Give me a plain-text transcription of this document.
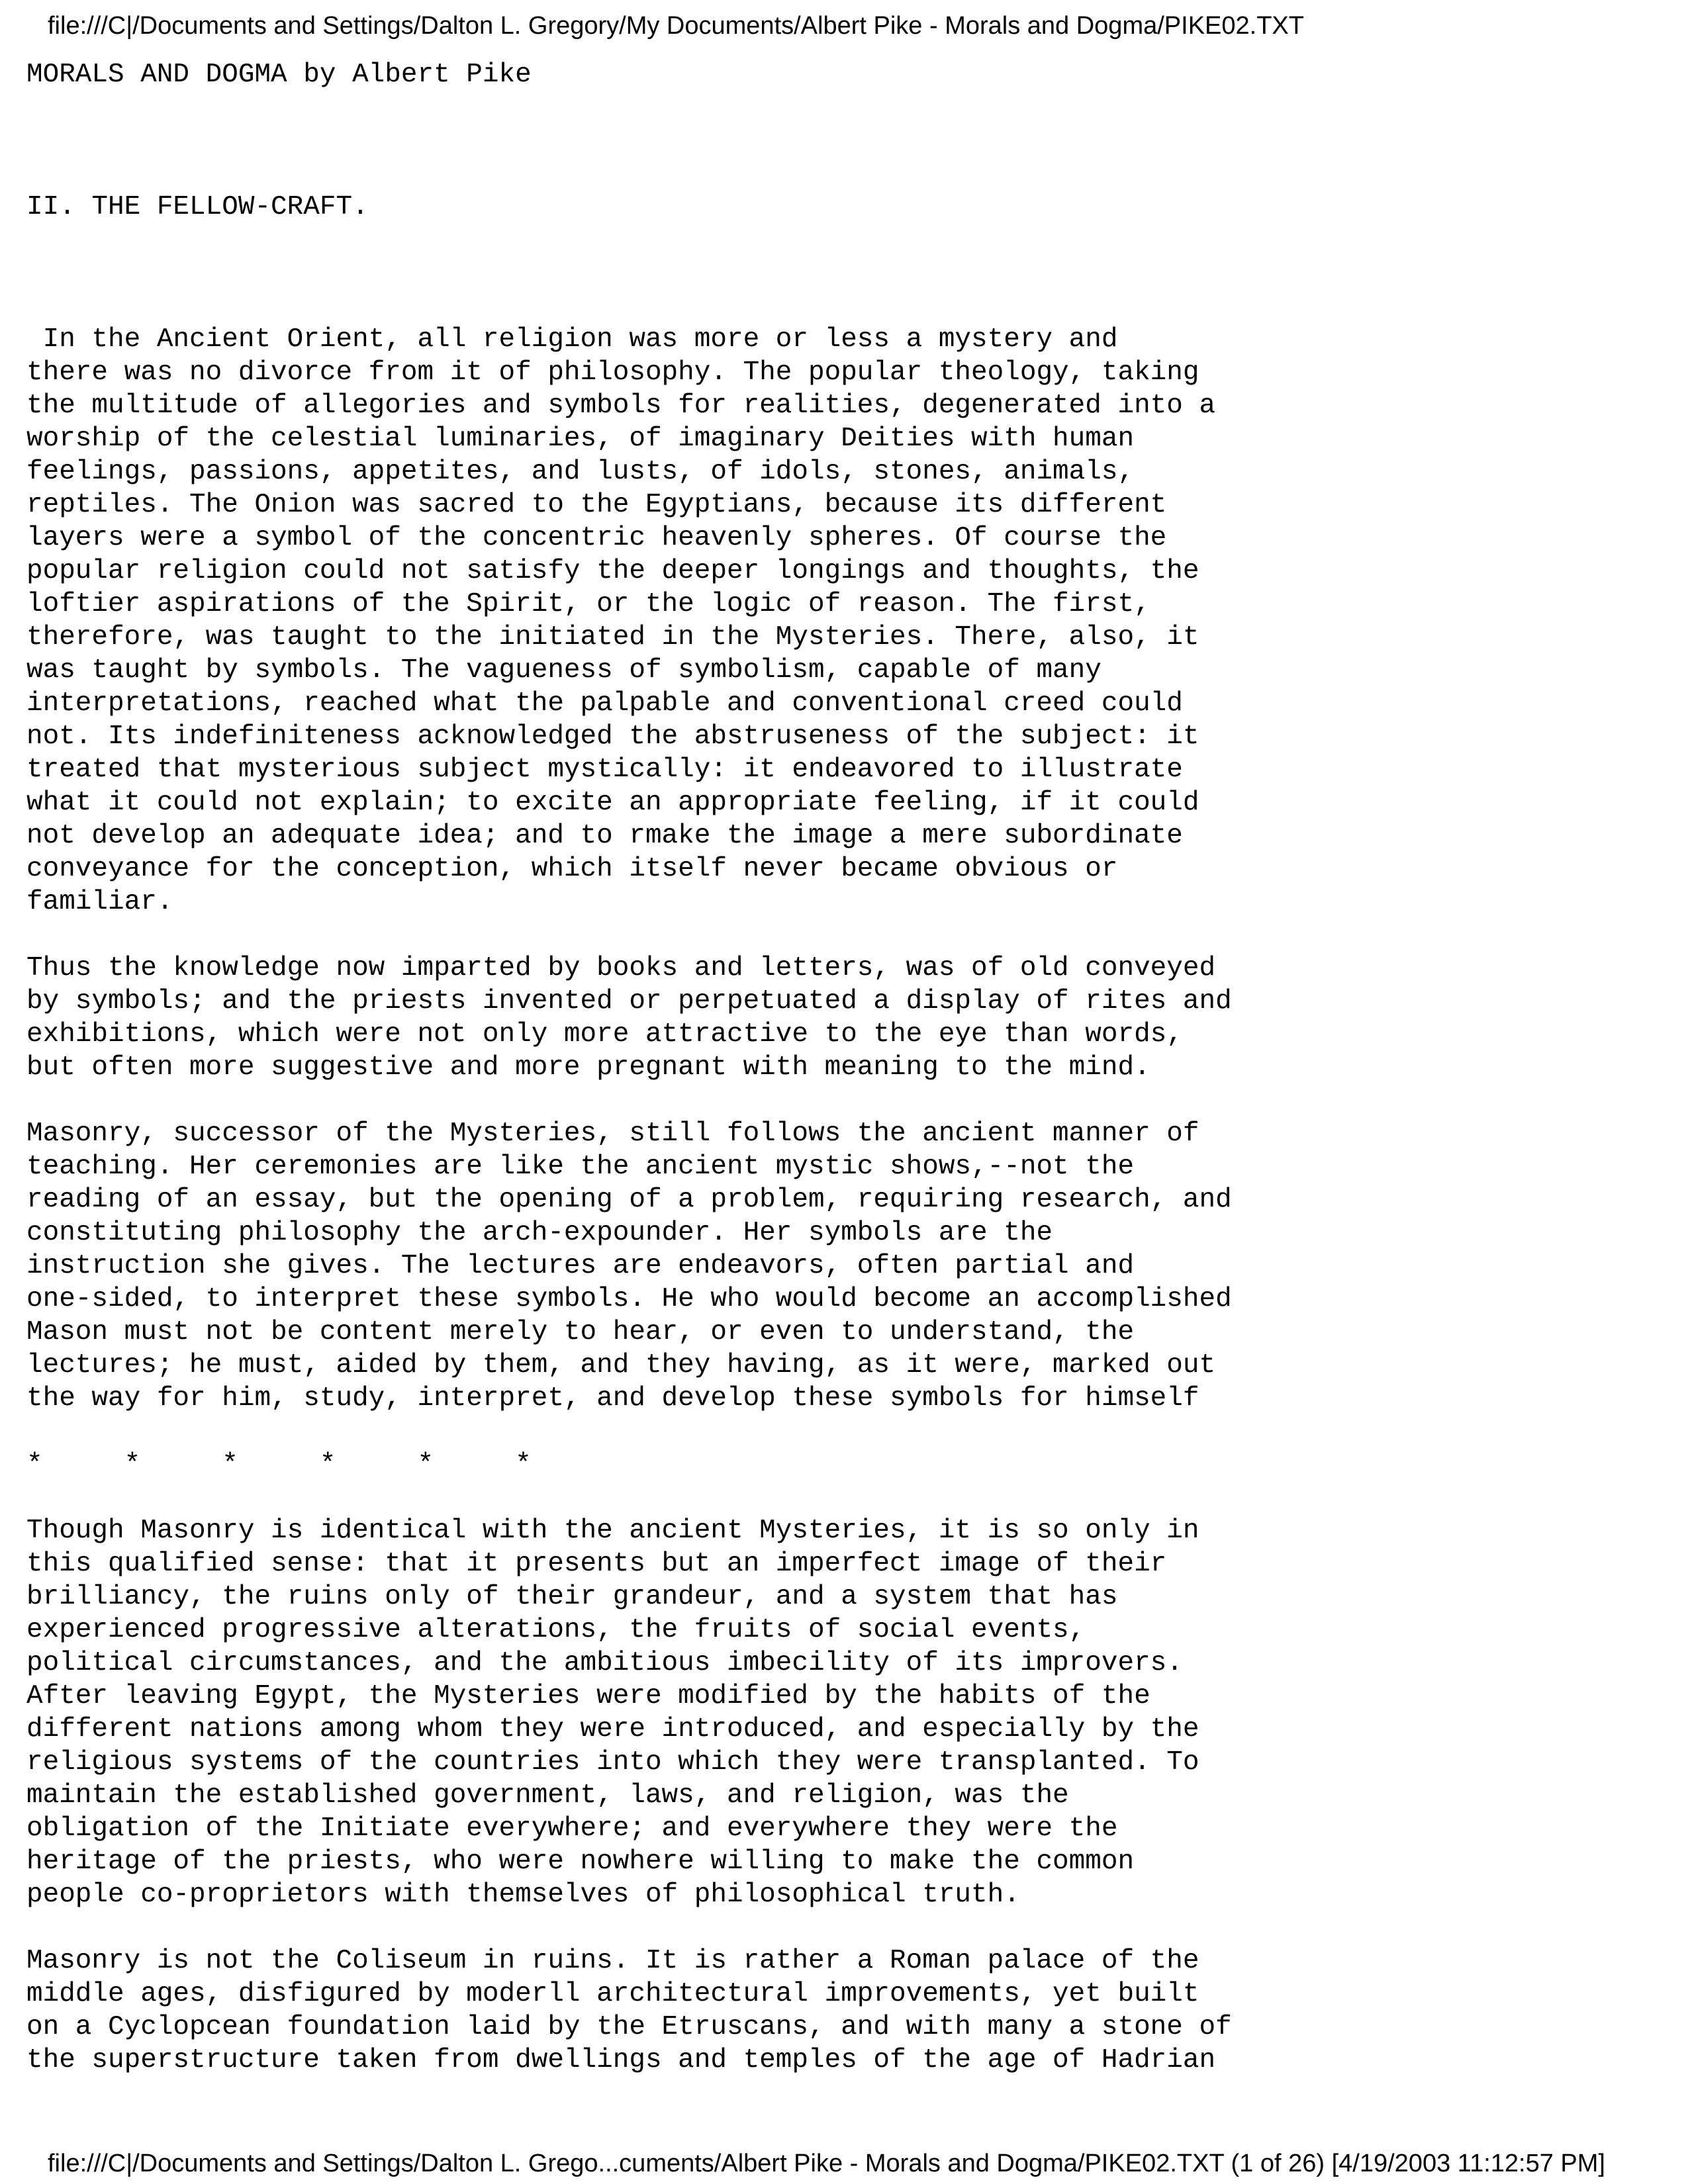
file:///C|/Documents and Settings/Dalton L. Gregory/My Documents/Albert Pike - Morals and Dogma/PIKE02.TXT
MORALS AND DOGMA by Albert Pike
II. THE FELLOW-CRAFT.
In the Ancient Orient, all religion was more or less a mystery and
there was no divorce from it of philosophy. The popular theology, taking
the multitude of allegories and symbols for realities, degenerated into a
worship of the celestial luminaries, of imaginary Deities with human
feelings, passions, appetites, and lusts, of idols, stones, animals,
reptiles. The Onion was sacred to the Egyptians, because its different
layers were a symbol of the concentric heavenly spheres. Of course the
popular religion could not satisfy the deeper longings and thoughts, the
loftier aspirations of the Spirit, or the logic of reason. The first,
therefore, was taught to the initiated in the Mysteries. There, also, it
was taught by symbols. The vagueness of symbolism, capable of many
interpretations, reached what the palpable and conventional creed could
not. Its indefiniteness acknowledged the abstruseness of the subject: it
treated that mysterious subject mystically: it endeavored to illustrate
what it could not explain; to excite an appropriate feeling, if it could
not develop an adequate idea; and to rmake the image a mere subordinate
conveyance for the conception, which itself never became obvious or
familiar.
Thus the knowledge now imparted by books and letters, was of old conveyed
by symbols; and the priests invented or perpetuated a display of rites and
exhibitions, which were not only more attractive to the eye than words,
but often more suggestive and more pregnant with meaning to the mind.
Masonry, successor of the Mysteries, still follows the ancient manner of
teaching. Her ceremonies are like the ancient mystic shows,--not the
reading of an essay, but the opening of a problem, requiring research, and
constituting philosophy the arch-expounder. Her symbols are the
instruction she gives. The lectures are endeavors, often partial and
one-sided, to interpret these symbols. He who would become an accomplished
Mason must not be content merely to hear, or even to understand, the
lectures; he must, aided by them, and they having, as it were, marked out
the way for him, study, interpret, and develop these symbols for himself
*     *     *     *     *     *
Though Masonry is identical with the ancient Mysteries, it is so only in
this qualified sense: that it presents but an imperfect image of their
brilliancy, the ruins only of their grandeur, and a system that has
experienced progressive alterations, the fruits of social events,
political circumstances, and the ambitious imbecility of its improvers.
After leaving Egypt, the Mysteries were modified by the habits of the
different nations among whom they were introduced, and especially by the
religious systems of the countries into which they were transplanted. To
maintain the established government, laws, and religion, was the
obligation of the Initiate everywhere; and everywhere they were the
heritage of the priests, who were nowhere willing to make the common
people co-proprietors with themselves of philosophical truth.
Masonry is not the Coliseum in ruins. It is rather a Roman palace of the
middle ages, disfigured by moderll architectural improvements, yet built
on a Cyclopcean foundation laid by the Etruscans, and with many a stone of
the superstructure taken from dwellings and temples of the age of Hadrian
file:///C|/Documents and Settings/Dalton L. Grego...cuments/Albert Pike - Morals and Dogma/PIKE02.TXT (1 of 26) [4/19/2003 11:12:57 PM]
